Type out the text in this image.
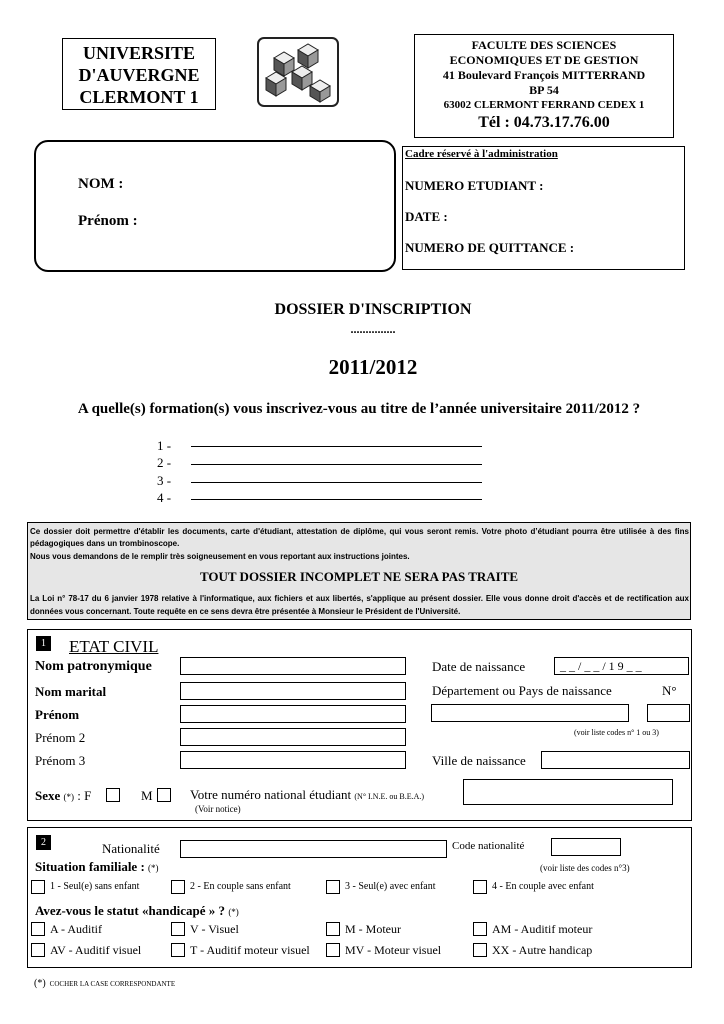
UNIVERSITE
D'AUVERGNE
CLERMONT 1
FACULTE DES SCIENCES
ECONOMIQUES ET DE GESTION
41 Boulevard François MITTERRAND
BP 54
63002 CLERMONT FERRAND CEDEX 1
Tél : 04.73.17.76.00
NOM :
Prénom :
Cadre réservé à l'administration
NUMERO ETUDIANT :
DATE :
NUMERO DE QUITTANCE :
DOSSIER D'INSCRIPTION
...............
2011/2012
A quelle(s) formation(s) vous inscrivez-vous au titre de l’année universitaire 2011/2012 ?
1 -
2 -
3 -
4 -
Ce dossier doit permettre d'établir les documents, carte d'étudiant, attestation de diplôme, qui vous seront remis. Votre photo d’étudiant pourra être utilisée à des fins pédagogiques dans un trombinoscope.
Nous vous demandons de le remplir très soigneusement en vous reportant aux instructions jointes.
TOUT DOSSIER INCOMPLET NE SERA PAS TRAITE
La Loi n° 78-17 du 6 janvier 1978 relative à l'informatique, aux fichiers et aux libertés, s'applique au présent dossier. Elle vous donne droit d'accès et de rectification aux données vous concernant. Toute requête en ce sens devra être présentée à Monsieur le Président de l'Université.
1 ETAT CIVIL
Nom patronymique
Nom marital
Prénom
Prénom 2
Prénom 3
Date de naissance	_ _ / _ _ / 1 9 _ _
Département ou Pays de naissance	N°
(voir liste codes n° 1 ou 3)
Ville de naissance
Sexe (*) : F	M	Votre numéro national étudiant (N° I.N.E. ou B.E.A.)
(Voir notice)
2	Nationalité	Code nationalité
Situation familiale : (*)	(voir liste des codes n°3)
1 - Seul(e) sans enfant	2 - En couple sans enfant	3 - Seul(e) avec enfant	4 - En couple avec enfant
Avez-vous le statut «handicapé » ? (*)
A - Auditif	V - Visuel	M - Moteur	AM - Auditif moteur
AV - Auditif visuel	T - Auditif moteur visuel	MV - Moteur visuel	XX - Autre handicap
(*) COCHER LA CASE CORRESPONDANTE
